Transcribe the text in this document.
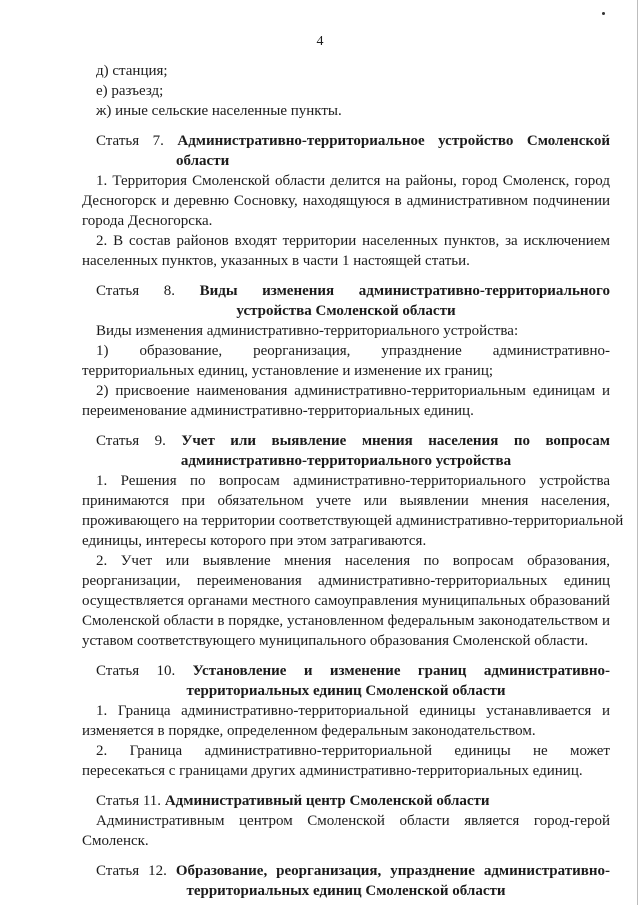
4
д) станция;
е) разъезд;
ж) иные сельские населенные пункты.
Статья 7. Административно-территориальное устройство Смоленской
области
1. Территория Смоленской области делится на районы, город Смоленск, город
Десногорск и деревню Сосновку, находящуюся в административном подчинении
города Десногорска.
2. В состав районов входят территории населенных пунктов, за исключением
населенных пунктов, указанных в части 1 настоящей статьи.
Статья 8. Виды изменения административно-территориального
устройства Смоленской области
Виды изменения административно-территориального устройства:
1) образование, реорганизация, упразднение административно-
территориальных единиц, установление и изменение их границ;
2) присвоение наименования административно-территориальным единицам и
переименование административно-территориальных единиц.
Статья 9. Учет или выявление мнения населения по вопросам
административно-территориального устройства
1. Решения по вопросам административно-территориального устройства
принимаются при обязательном учете или выявлении мнения населения,
проживающего на территории соответствующей административно-территориальной
единицы, интересы которого при этом затрагиваются.
2. Учет или выявление мнения населения по вопросам образования,
реорганизации, переименования административно-территориальных единиц
осуществляется органами местного самоуправления муниципальных образований
Смоленской области в порядке, установленном федеральным законодательством и
уставом соответствующего муниципального образования Смоленской области.
Статья 10. Установление и изменение границ административно-
территориальных единиц Смоленской области
1. Граница административно-территориальной единицы устанавливается и
изменяется в порядке, определенном федеральным законодательством.
2. Граница административно-территориальной единицы не может
пересекаться с границами других административно-территориальных единиц.
Статья 11. Административный центр Смоленской области
Административным центром Смоленской области является город-герой
Смоленск.
Статья 12. Образование, реорганизация, упразднение административно-
территориальных единиц Смоленской области
